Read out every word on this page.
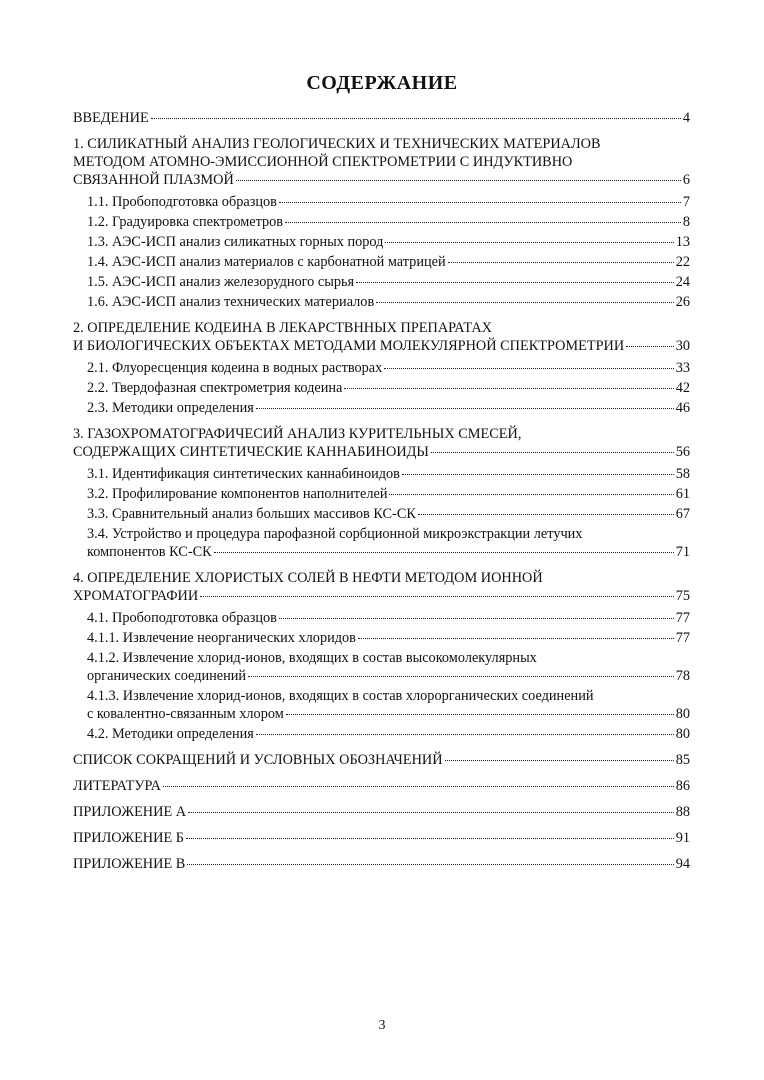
СОДЕРЖАНИЕ
ВВЕДЕНИЕ	4
1. СИЛИКАТНЫЙ АНАЛИЗ ГЕОЛОГИЧЕСКИХ И ТЕХНИЧЕСКИХ МАТЕРИАЛОВ
МЕТОДОМ АТОМНО-ЭМИССИОННОЙ СПЕКТРОМЕТРИИ С ИНДУКТИВНО
СВЯЗАННОЙ ПЛАЗМОЙ	6
1.1. Пробоподготовка образцов	7
1.2. Градуировка спектрометров	8
1.3. АЭС-ИСП анализ силикатных горных пород	13
1.4. АЭС-ИСП анализ материалов с карбонатной матрицей	22
1.5. АЭС-ИСП анализ железорудного сырья	24
1.6. АЭС-ИСП анализ технических материалов	26
2. ОПРЕДЕЛЕНИЕ КОДЕИНА В ЛЕКАРСТВННЫХ ПРЕПАРАТАХ
И БИОЛОГИЧЕСКИХ ОБЪЕКТАХ МЕТОДАМИ МОЛЕКУЛЯРНОЙ СПЕКТРОМЕТРИИ	30
2.1. Флуоресценция кодеина в водных растворах	33
2.2. Твердофазная спектрометрия кодеина	42
2.3. Методики определения	46
3. ГАЗОХРОМАТОГРАФИЧЕСИЙ АНАЛИЗ КУРИТЕЛЬНЫХ СМЕСЕЙ,
СОДЕРЖАЩИХ СИНТЕТИЧЕСКИЕ КАННАБИНОИДЫ	56
3.1. Идентификация синтетических каннабиноидов	58
3.2. Профилирование компонентов наполнителей	61
3.3. Сравнительный анализ больших массивов КС-СК	67
3.4. Устройство и процедура парофазной сорбционной микроэкстракции летучих
компонентов КС-СК	71
4. ОПРЕДЕЛЕНИЕ ХЛОРИСТЫХ СОЛЕЙ В НЕФТИ МЕТОДОМ ИОННОЙ
ХРОМАТОГРАФИИ	75
4.1. Пробоподготовка образцов	77
4.1.1. Извлечение неорганических хлоридов	77
4.1.2. Извлечение хлорид-ионов, входящих в состав высокомолекулярных
органических соединений	78
4.1.3. Извлечение хлорид-ионов, входящих в состав хлорорганических соединений
с ковалентно-связанным хлором	80
4.2. Методики определения	80
СПИСОК СОКРАЩЕНИЙ И УСЛОВНЫХ ОБОЗНАЧЕНИЙ	85
ЛИТЕРАТУРА	86
ПРИЛОЖЕНИЕ А	88
ПРИЛОЖЕНИЕ Б	91
ПРИЛОЖЕНИЕ В	94
3
